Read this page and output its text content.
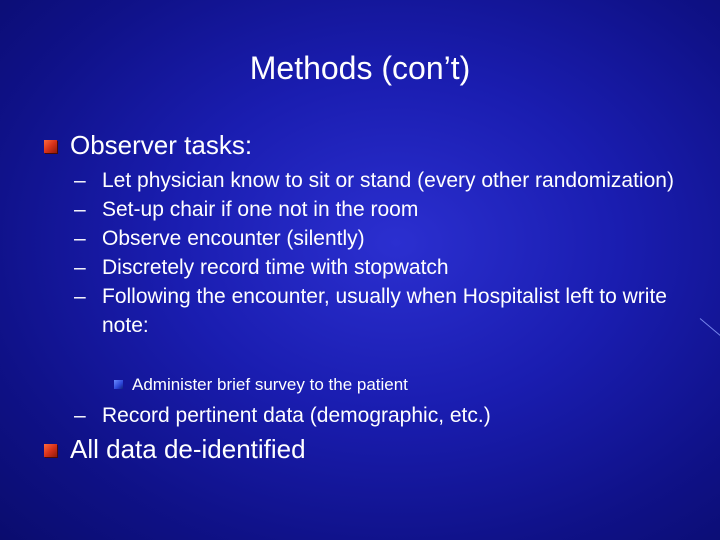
Methods (con’t)
Observer tasks:
– Let physician know to sit or stand (every other randomization)
– Set-up chair if one not in the room
– Observe encounter (silently)
– Discretely record time with stopwatch
– Following the encounter, usually when Hospitalist left to write note:
Administer brief survey to the patient
– Record pertinent data (demographic, etc.)
All data de-identified
